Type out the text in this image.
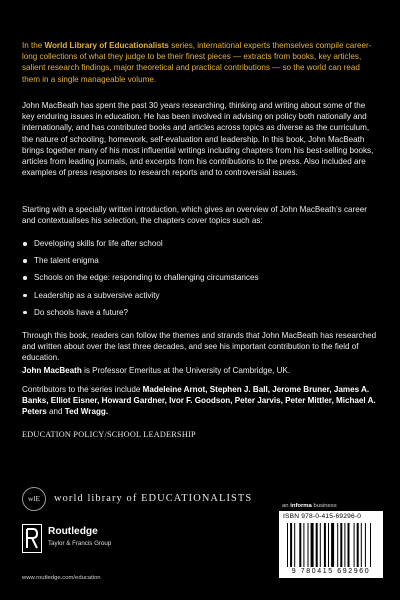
In the World Library of Educationalists series, international experts themselves compile career-long collections of what they judge to be their finest pieces — extracts from books, key articles, salient research findings, major theoretical and practical contributions — so the world can read them in a single manageable volume.
John MacBeath has spent the past 30 years researching, thinking and writing about some of the key enduring issues in education. He has been involved in advising on policy both nationally and internationally, and has contributed books and articles across topics as diverse as the curriculum, the nature of schooling, homework, self-evaluation and leadership. In this book, John MacBeath brings together many of his most influential writings including chapters from his best-selling books, articles from leading journals, and excerpts from his contributions to the press. Also included are examples of press responses to research reports and to controversial issues.
Starting with a specially written introduction, which gives an overview of John MacBeath’s career and contextualises his selection, the chapters cover topics such as:
Developing skills for life after school
The talent enigma
Schools on the edge: responding to challenging circumstances
Leadership as a subversive activity
Do schools have a future?
Through this book, readers can follow the themes and strands that John MacBeath has researched and written about over the last three decades, and see his important contribution to the field of education.
John MacBeath is Professor Emeritus at the University of Cambridge, UK.
Contributors to the series include Madeleine Arnot, Stephen J. Ball, Jerome Bruner, James A. Banks, Elliot Eisner, Howard Gardner, Ivor F. Goodson, Peter Jarvis, Peter Mittler, Michael A. Peters and Ted Wragg.
EDUCATION POLICY/SCHOOL LEADERSHIP
wlE	world library of EDUCATIONALISTS
Routledge
Taylor & Francis Group
www.routledge.com/education
an informa business
ISBN 978-0-415-69296-0
9 780415 692960
